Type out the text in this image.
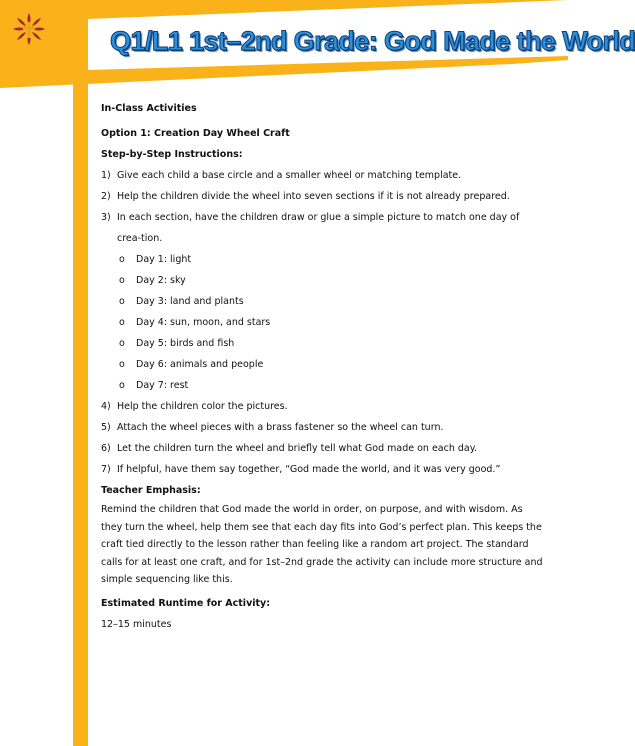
Q1/L1 1st–2nd Grade: God Made the World

In-Class Activities

Option 1: Creation Day Wheel Craft

Step-by-Step Instructions:

1) Give each child a base circle and a smaller wheel or matching template.
2) Help the children divide the wheel into seven sections if it is not already prepared.
3) In each section, have the children draw or glue a simple picture to match one day of crea-tion.
o	Day 1: light
o	Day 2: sky
o	Day 3: land and plants
o	Day 4: sun, moon, and stars
o	Day 5: birds and fish
o	Day 6: animals and people
o	Day 7: rest
4) Help the children color the pictures.
5) Attach the wheel pieces with a brass fastener so the wheel can turn.
6) Let the children turn the wheel and briefly tell what God made on each day.
7) If helpful, have them say together, “God made the world, and it was very good.”

Teacher Emphasis:

Remind the children that God made the world in order, on purpose, and with wisdom. As they turn the wheel, help them see that each day fits into God’s perfect plan. This keeps the craft tied directly to the lesson rather than feeling like a random art project. The standard calls for at least one craft, and for 1st–2nd grade the activity can include more structure and simple sequencing like this.

Estimated Runtime for Activity:

12–15 minutes
